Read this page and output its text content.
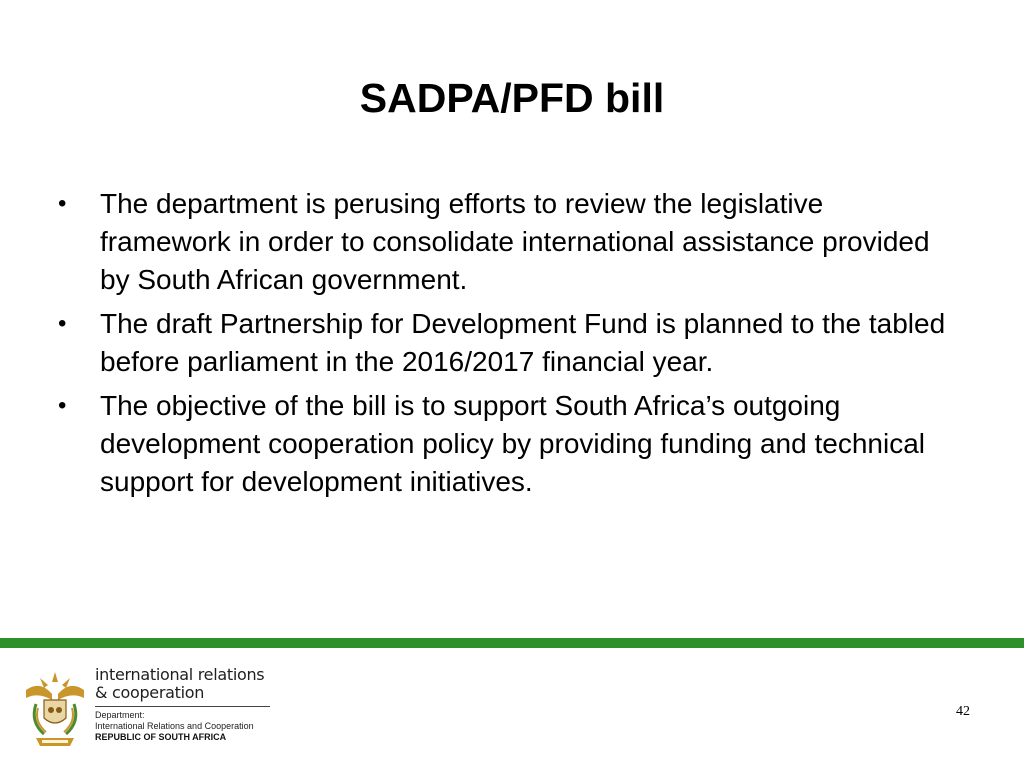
SADPA/PFD bill
• The department is perusing efforts to review the legislative framework in order to consolidate international assistance provided by South African government.
• The draft Partnership for Development Fund is planned to the tabled before parliament in the 2016/2017 financial year.
• The objective of the bill is to support South Africa’s outgoing development cooperation policy by providing funding and technical support for development initiatives.
international relations
& cooperation
Department:
International Relations and Cooperation
REPUBLIC OF SOUTH AFRICA
42
